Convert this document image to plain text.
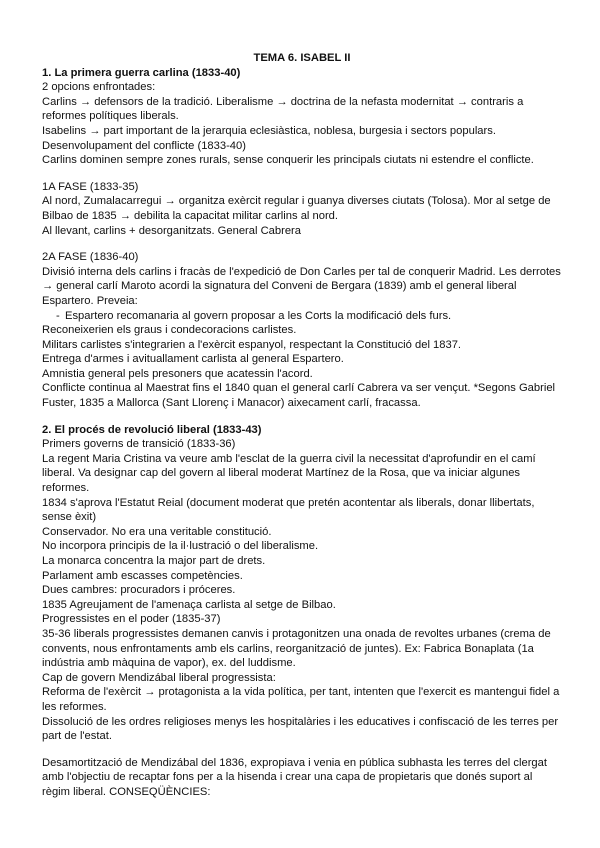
TEMA 6. ISABEL II

1. La primera guerra carlina (1833-40)

2 opcions enfrontades:

Carlins → defensors de la tradició. Liberalisme → doctrina de la nefasta modernitat → contraris a reformes polítiques liberals.

Isabelins → part important de la jerarquia eclesiàstica, noblesa, burgesia i sectors populars.

Desenvolupament del conflicte (1833-40)

Carlins dominen sempre zones rurals, sense conquerir les principals ciutats ni estendre el conflicte.

1A FASE (1833-35)

Al nord, Zumalacarregui → organitza exèrcit regular i guanya diverses ciutats (Tolosa). Mor al setge de Bilbao de 1835 → debilita la capacitat militar carlins al nord.

Al llevant, carlins + desorganitzats. General Cabrera

2A FASE (1836-40)

Divisió interna dels carlins i fracàs de l'expedició de Don Carles per tal de conquerir Madrid. Les derrotes → general carlí Maroto acordi la signatura del Conveni de Bergara (1839) amb el general liberal Espartero. Preveia:

- Espartero recomanaria al govern proposar a les Corts la modificació dels furs.

Reconeixerien els graus i condecoracions carlistes.

Militars carlistes s'integrarien a l'exèrcit espanyol, respectant la Constitució del 1837.

Entrega d'armes i avituallament carlista al general Espartero.

Amnistia general pels presoners que acatessin l'acord.

Conflicte continua al Maestrat fins el 1840 quan el general carlí Cabrera va ser vençut. *Segons Gabriel Fuster, 1835 a Mallorca (Sant Llorenç i Manacor) aixecament carlí, fracassa.

2. El procés de revolució liberal (1833-43)

Primers governs de transició (1833-36)

La regent Maria Cristina va veure amb l'esclat de la guerra civil la necessitat d'aprofundir en el camí liberal. Va designar cap del govern al liberal moderat Martínez de la Rosa, que va iniciar algunes reformes.

1834 s'aprova l'Estatut Reial (document moderat que pretén acontentar als liberals, donar llibertats, sense èxit)

Conservador. No era una veritable constitució.

No incorpora principis de la il·lustració o del liberalisme.

La monarca concentra la major part de drets.

Parlament amb escasses competències.

Dues cambres: procuradors i próceres.

1835 Agreujament de l'amenaça carlista al setge de Bilbao.

Progressistes en el poder (1835-37)

35-36 liberals progressistes demanen canvis i protagonitzen una onada de revoltes urbanes (crema de convents, nous enfrontaments amb els carlins, reorganització de juntes). Ex: Fabrica Bonaplata (1a indústria amb màquina de vapor), ex. del luddisme.

Cap de govern Mendizábal liberal progressista:

Reforma de l'exèrcit → protagonista a la vida política, per tant, intenten que l'exercit es mantengui fidel a les reformes.

Dissolució de les ordres religioses menys les hospitalàries i les educatives i confiscació de les terres per part de l'estat.

Desamortització de Mendizábal del 1836, expropiava i venia en pública subhasta les terres del clergat amb l'objectiu de recaptar fons per a la hisenda i crear una capa de propietaris que donés suport al règim liberal. CONSEQÜÈNCIES:
